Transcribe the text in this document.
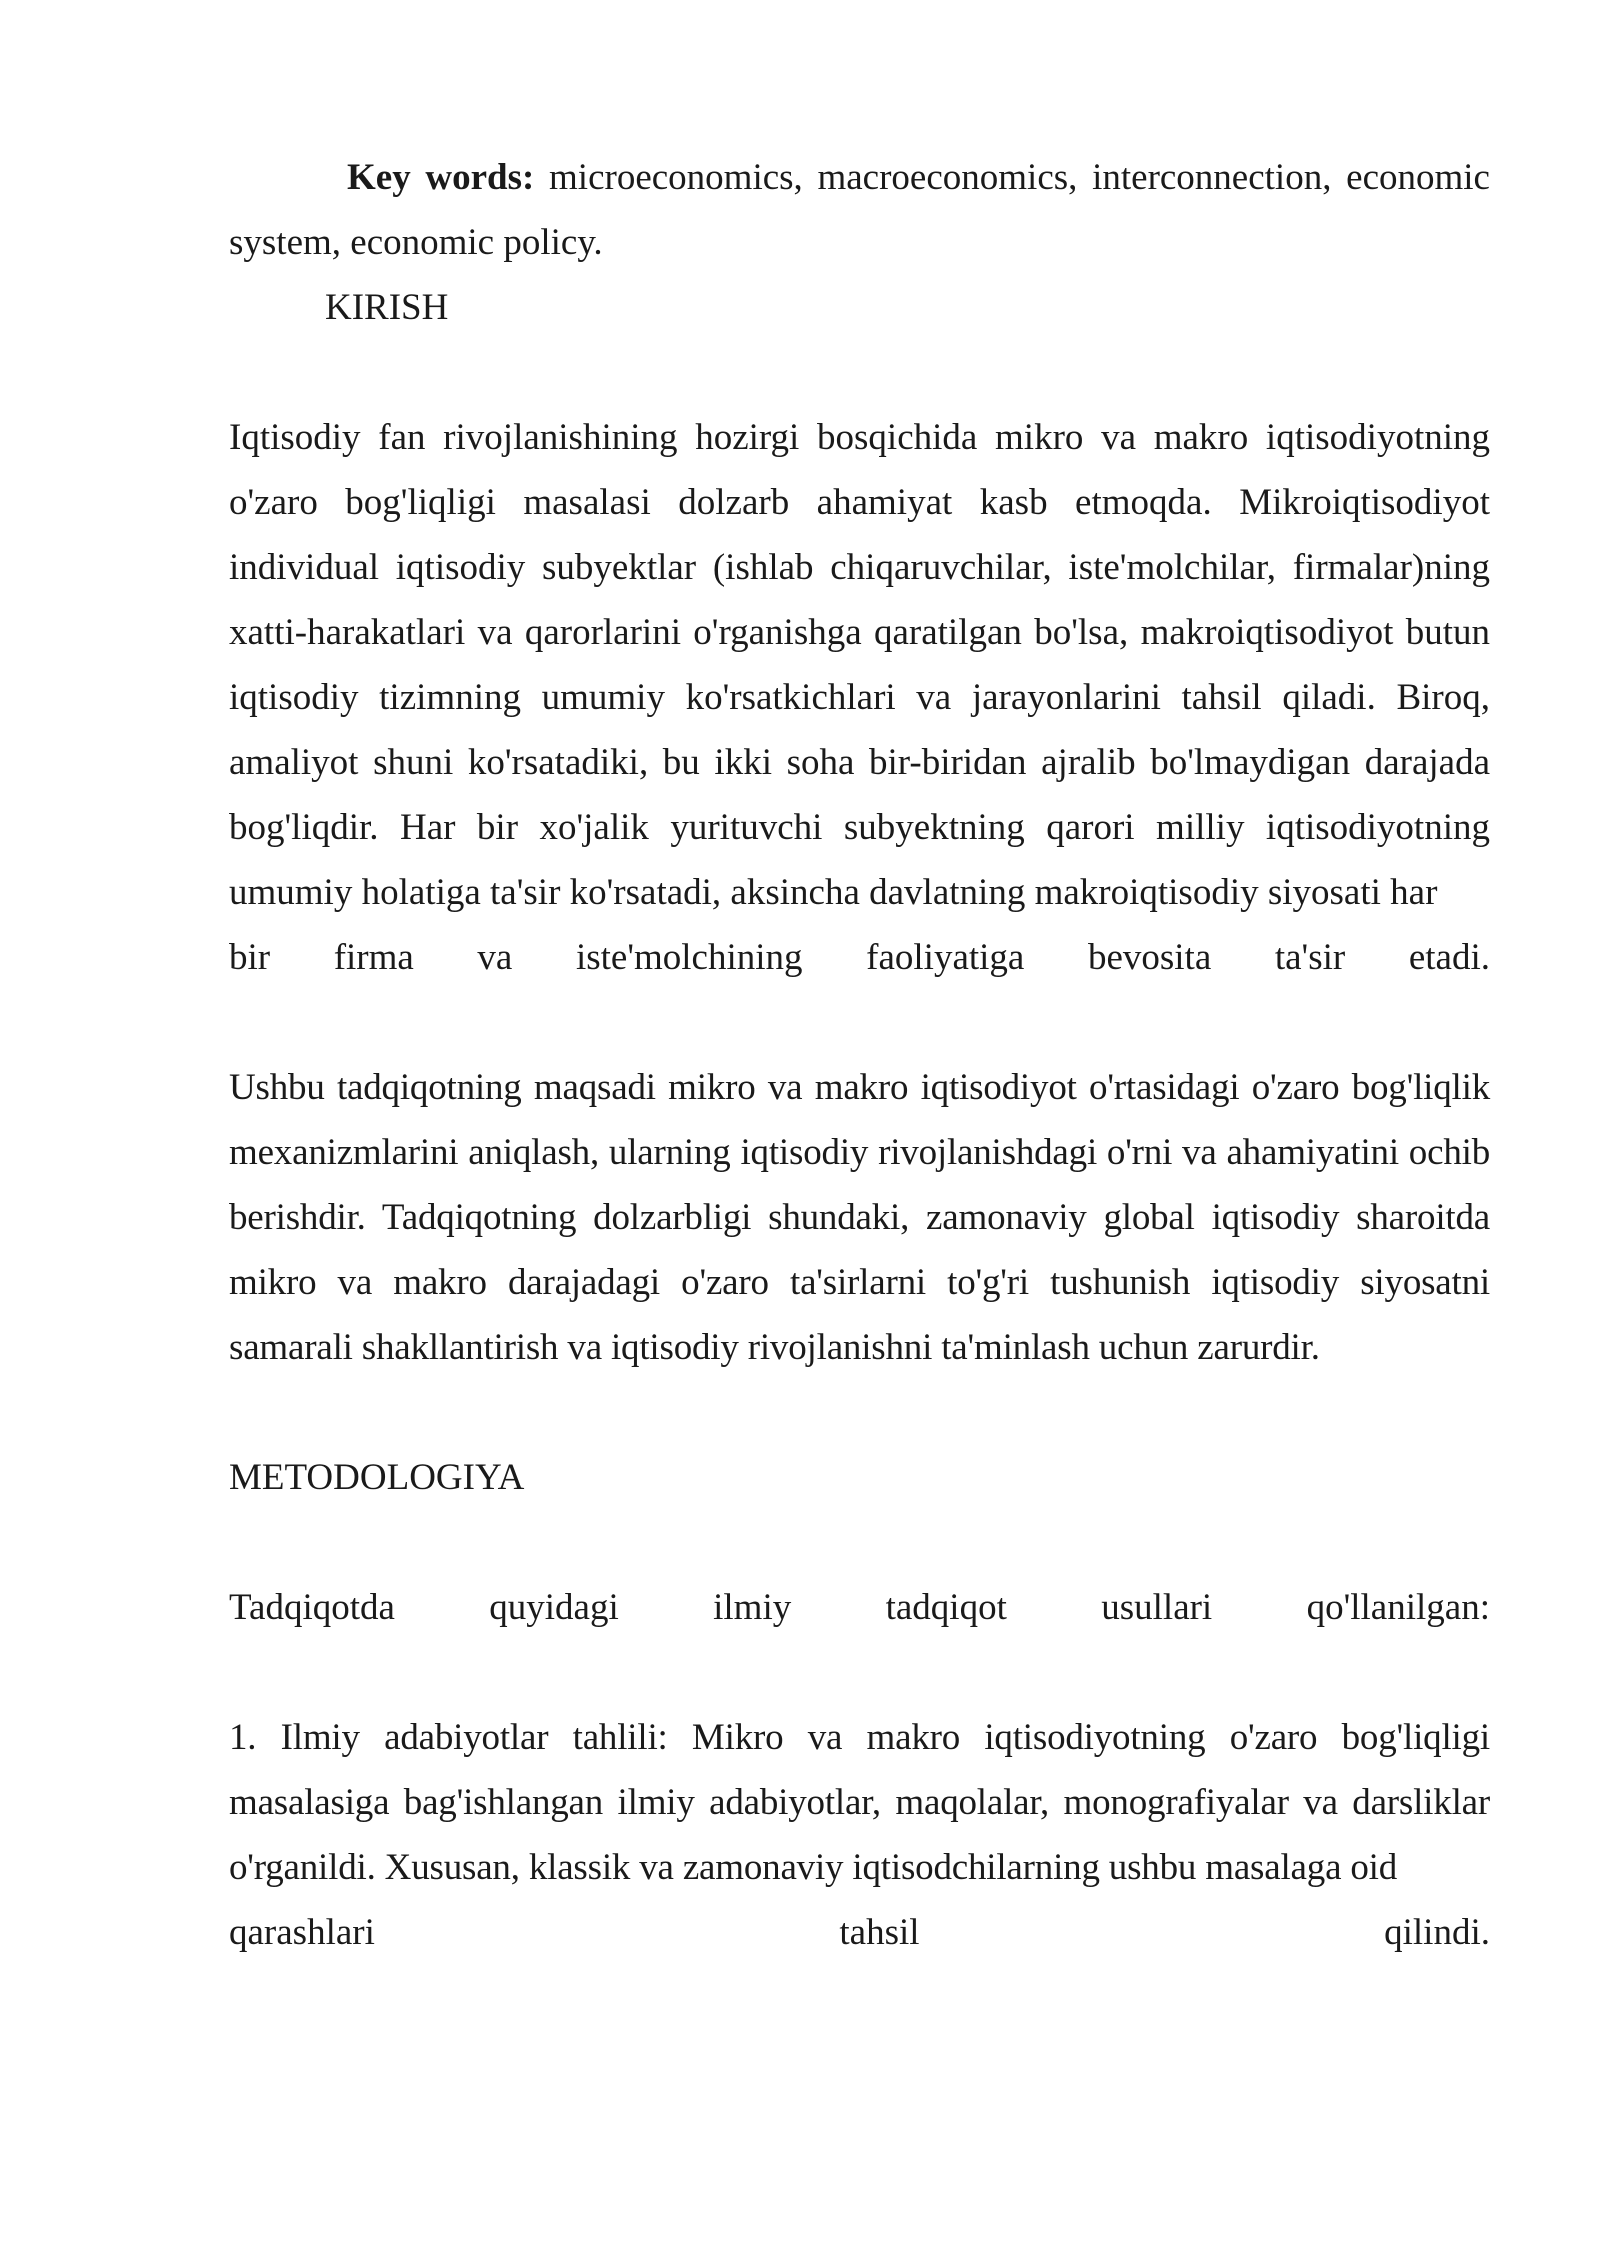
Key words: microeconomics, macroeconomics, interconnection, economic system, economic policy.

KIRISH

Iqtisodiy fan rivojlanishining hozirgi bosqichida mikro va makro iqtisodiyotning o'zaro bog'liqligi masalasi dolzarb ahamiyat kasb etmoqda. Mikroiqtisodiyot individual iqtisodiy subyektlar (ishlab chiqaruvchilar, iste'molchilar, firmalar)ning xatti-harakatlari va qarorlarini o'rganishga qaratilgan bo'lsa, makroiqtisodiyot butun iqtisodiy tizimning umumiy ko'rsatkichlari va jarayonlarini tahsil qiladi. Biroq, amaliyot shuni ko'rsatadiki, bu ikki soha bir-biridan ajralib bo'lmaydigan darajada bog'liqdir. Har bir xo'jalik yurituvchi subyektning qarori milliy iqtisodiyotning umumiy holatiga ta'sir ko'rsatadi, aksincha davlatning makroiqtisodiy siyosati har

bir firma va iste'molchining faoliyatiga bevosita ta'sir etadi.

Ushbu tadqiqotning maqsadi mikro va makro iqtisodiyot o'rtasidagi o'zaro bog'liqlik mexanizmlarini aniqlash, ularning iqtisodiy rivojlanishdagi o'rni va ahamiyatini ochib berishdir. Tadqiqotning dolzarbligi shundaki, zamonaviy global iqtisodiy sharoitda mikro va makro darajadagi o'zaro ta'sirlarni to'g'ri tushunish iqtisodiy siyosatni samarali shakllantirish va iqtisodiy rivojlanishni ta'minlash uchun zarurdir.

METODOLOGIYA
Tadqiqotda	quyidagi	ilmiy	tadqiqot	usullari	qo'llanilgan:

1. Ilmiy adabiyotlar tahlili: Mikro va makro iqtisodiyotning o'zaro bog'liqligi masalasiga bag'ishlangan ilmiy adabiyotlar, maqolalar, monografiyalar va darsliklar o'rganildi. Xususan, klassik va zamonaviy iqtisodchilarning ushbu masalaga oid

qarashlari	tahsil	qilindi.
